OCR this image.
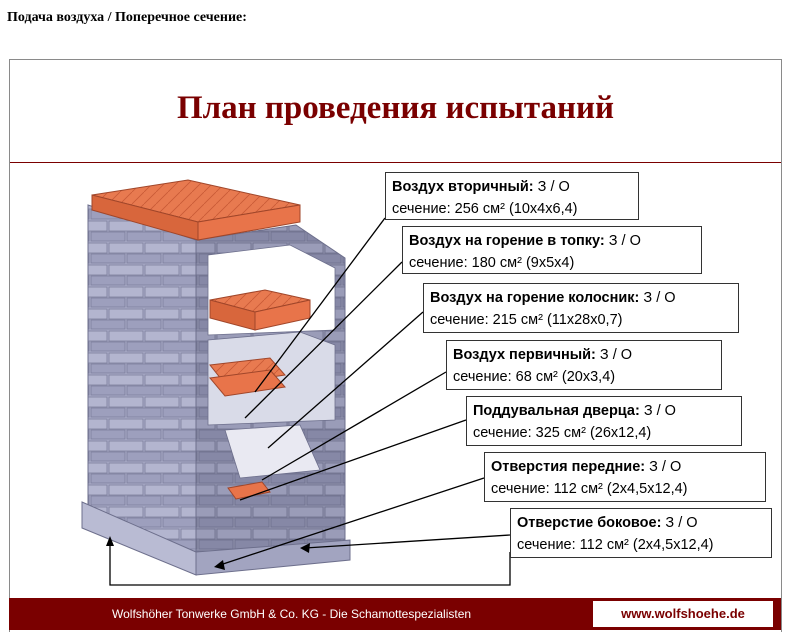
Подача воздуха / Поперечное сечение:
План проведения испытаний
Воздух вторичный: З / О
сечение: 256 см² (10x4x6,4)
Воздух на горение в топку: З / О
сечение: 180 см² (9x5x4)
Воздух на горение колосник: З / О
сечение: 215 см² (11x28x0,7)
Воздух первичный: З / О
сечение: 68 см² (20x3,4)
Поддувальная дверца: З / О
сечение: 325 см² (26x12,4)
Отверстия передние: З / О
сечение: 112 см² (2x4,5x12,4)
Отверстие боковое: З / О
сечение: 112 см² (2x4,5x12,4)
Wolfshöher Tonwerke GmbH & Co. KG - Die Schamottespezialisten	www.wolfshoehe.de
